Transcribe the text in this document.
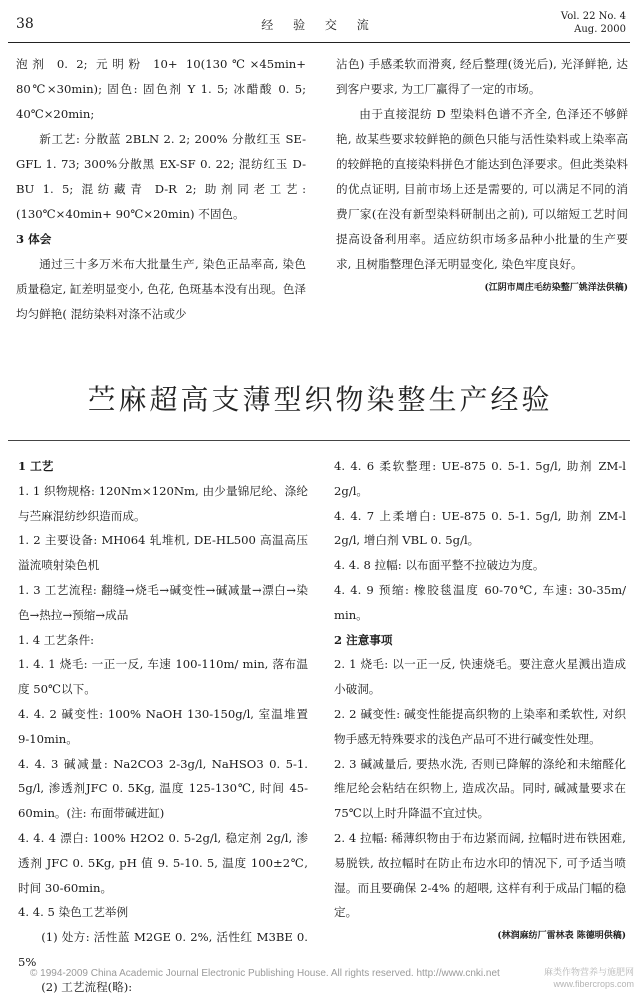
38	经 验 交 流
Vol. 22 No. 4
Aug. 2000

泡剂 0. 2; 元明粉 10+ 10(130℃×45min+ 80℃×30min); 固色: 固色剂 Y 1. 5; 冰醋酸 0. 5; 40℃×20min;

新工艺: 分散蓝 2BLN 2. 2; 200% 分散红玉 SE-GFL 1. 73; 300%分散黑 EX-SF 0. 22; 混纺红玉 D-BU 1. 5; 混纺藏青 D-R 2; 助剂同老工艺: (130℃×40min+ 90℃×20min) 不固色。

3 体会

通过三十多万米布大批量生产, 染色正品率高, 染色质量稳定, 缸差明显变小, 色花, 色斑基本没有出现。色泽均匀鲜艳( 混纺染料对涤不沾或少

沾色) 手感柔软而滑爽, 经后整理(烫光后), 光泽鲜艳, 达到客户要求, 为工厂赢得了一定的市场。

由于直接混纺 D 型染料色谱不齐全, 色泽还不够鲜艳, 故某些要求较鲜艳的颜色只能与活性染料或上染率高的较鲜艳的直接染料拼色才能达到色泽要求。但此类染料的优点证明, 目前市场上还是需要的, 可以满足不同的消费厂家(在没有新型染料研制出之前), 可以缩短工艺时间提高设备利用率。适应纺织市场多品种小批量的生产要求, 且树脂整理色泽无明显变化, 染色牢度良好。

(江阴市周庄毛纺染整厂姚洋法供稿)

苎麻超高支薄型织物染整生产经验

1 工艺

1. 1 织物规格: 120Nm×120Nm, 由少量锦尼纶、涤纶与苎麻混纺纱织造而成。

1. 2 主要设备: MH064 轧堆机, DE-HL500 高温高压溢流喷射染色机

1. 3 工艺流程: 翻缝→烧毛→碱变性→碱减量→漂白→染色→热拉→预缩→成品

1. 4 工艺条件:

1. 4. 1 烧毛: 一正一反, 车速 100-110m/ min, 落布温度 50℃以下。

4. 4. 2 碱变性: 100% NaOH 130-150g/l, 室温堆置 9-10min。

4. 4. 3 碱减量: Na2CO3 2-3g/l, NaHSO3 0. 5-1. 5g/l, 渗透剂JFC 0. 5Kg, 温度 125-130℃, 时间 45-60min。(注: 布面带碱进缸)

4. 4. 4 漂白: 100% H2O2 0. 5-2g/l, 稳定剂 2g/l, 渗透剂 JFC 0. 5Kg, pH 值 9. 5-10. 5, 温度 100±2℃, 时间 30-60min。

4. 4. 5 染色工艺举例

(1) 处方: 活性蓝 M2GE 0. 2%, 活性红 M3BE 0. 5%

(2) 工艺流程(略):

4. 4. 6 柔软整理: UE-875 0. 5-1. 5g/l, 助剂 ZM-l 2g/l。

4. 4. 7 上柔增白: UE-875 0. 5-1. 5g/l, 助剂 ZM-l 2g/l, 增白剂 VBL 0. 5g/l。

4. 4. 8 拉幅: 以布面平整不拉破边为度。

4. 4. 9 预缩: 橡胶毯温度 60-70℃, 车速: 30-35m/ min。

2 注意事项

2. 1 烧毛: 以一正一反, 快速烧毛。要注意火星溅出造成小破洞。

2. 2 碱变性: 碱变性能提高织物的上染率和柔软性, 对织物手感无特殊要求的浅色产品可不进行碱变性处理。

2. 3 碱减量后, 要热水洗, 否则已降解的涤纶和未缩醛化维尼纶会粘结在织物上, 造成次品。同时, 碱减量要求在 75℃以上时升降温不宜过快。

2. 4 拉幅: 稀薄织物由于布边紧而阔, 拉幅时进布铁困难, 易脱铁, 故拉幅时在防止布边水印的情况下, 可予适当喷湿。而且要确保 2-4% 的超喂, 这样有利于成品门幅的稳定。

(林润麻纺厂雷林表 陈德明供稿)

© 1994-2009 China Academic Journal Electronic Publishing House. All rights reserved. http://www.cnki.net	麻类作物营养与施肥网
www.fibercrops.com
